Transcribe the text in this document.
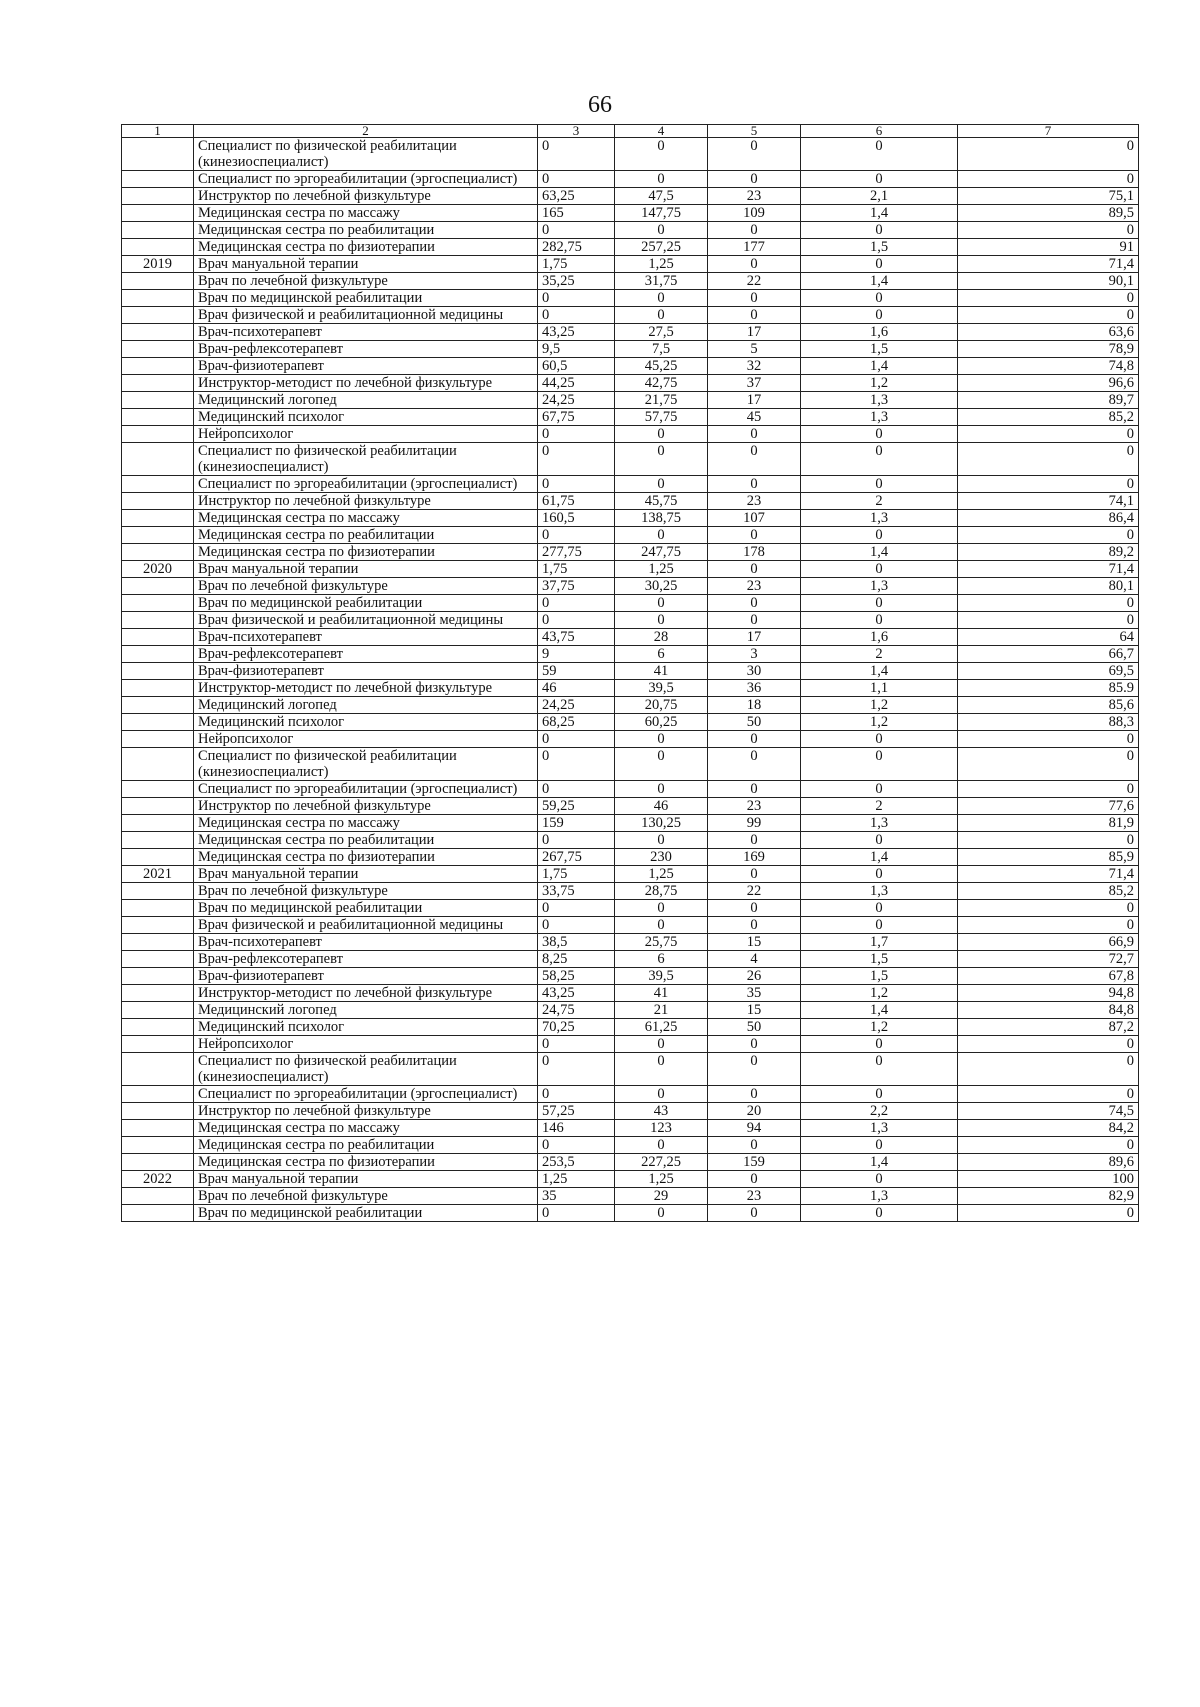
66
1	2	3	4	5	6	7
	Специалист по физической реабилитации (кинезиоспециалист)	0	0	0	0	0
	Специалист по эргореабилитации (эргоспециалист)	0	0	0	0	0
	Инструктор по лечебной физкультуре	63,25	47,5	23	2,1	75,1
	Медицинская сестра по массажу	165	147,75	109	1,4	89,5
	Медицинская сестра по реабилитации	0	0	0	0	0
	Медицинская сестра по физиотерапии	282,75	257,25	177	1,5	91
2019	Врач мануальной терапии	1,75	1,25	0	0	71,4
	Врач по лечебной физкультуре	35,25	31,75	22	1,4	90,1
	Врач по медицинской реабилитации	0	0	0	0	0
	Врач физической и реабилитационной медицины	0	0	0	0	0
	Врач-психотерапевт	43,25	27,5	17	1,6	63,6
	Врач-рефлексотерапевт	9,5	7,5	5	1,5	78,9
	Врач-физиотерапевт	60,5	45,25	32	1,4	74,8
	Инструктор-методист по лечебной физкультуре	44,25	42,75	37	1,2	96,6
	Медицинский логопед	24,25	21,75	17	1,3	89,7
	Медицинский психолог	67,75	57,75	45	1,3	85,2
	Нейропсихолог	0	0	0	0	0
	Специалист по физической реабилитации (кинезиоспециалист)	0	0	0	0	0
	Специалист по эргореабилитации (эргоспециалист)	0	0	0	0	0
	Инструктор по лечебной физкультуре	61,75	45,75	23	2	74,1
	Медицинская сестра по массажу	160,5	138,75	107	1,3	86,4
	Медицинская сестра по реабилитации	0	0	0	0	0
	Медицинская сестра по физиотерапии	277,75	247,75	178	1,4	89,2
2020	Врач мануальной терапии	1,75	1,25	0	0	71,4
	Врач по лечебной физкультуре	37,75	30,25	23	1,3	80,1
	Врач по медицинской реабилитации	0	0	0	0	0
	Врач физической и реабилитационной медицины	0	0	0	0	0
	Врач-психотерапевт	43,75	28	17	1,6	64
	Врач-рефлексотерапевт	9	6	3	2	66,7
	Врач-физиотерапевт	59	41	30	1,4	69,5
	Инструктор-методист по лечебной физкультуре	46	39,5	36	1,1	85.9
	Медицинский логопед	24,25	20,75	18	1,2	85,6
	Медицинский психолог	68,25	60,25	50	1,2	88,3
	Нейропсихолог	0	0	0	0	0
	Специалист по физической реабилитации (кинезиоспециалист)	0	0	0	0	0
	Специалист по эргореабилитации (эргоспециалист)	0	0	0	0	0
	Инструктор по лечебной физкультуре	59,25	46	23	2	77,6
	Медицинская сестра по массажу	159	130,25	99	1,3	81,9
	Медицинская сестра по реабилитации	0	0	0	0	0
	Медицинская сестра по физиотерапии	267,75	230	169	1,4	85,9
2021	Врач мануальной терапии	1,75	1,25	0	0	71,4
	Врач по лечебной физкультуре	33,75	28,75	22	1,3	85,2
	Врач по медицинской реабилитации	0	0	0	0	0
	Врач физической и реабилитационной медицины	0	0	0	0	0
	Врач-психотерапевт	38,5	25,75	15	1,7	66,9
	Врач-рефлексотерапевт	8,25	6	4	1,5	72,7
	Врач-физиотерапевт	58,25	39,5	26	1,5	67,8
	Инструктор-методист по лечебной физкультуре	43,25	41	35	1,2	94,8
	Медицинский логопед	24,75	21	15	1,4	84,8
	Медицинский психолог	70,25	61,25	50	1,2	87,2
	Нейропсихолог	0	0	0	0	0
	Специалист по физической реабилитации (кинезиоспециалист)	0	0	0	0	0
	Специалист по эргореабилитации (эргоспециалист)	0	0	0	0	0
	Инструктор по лечебной физкультуре	57,25	43	20	2,2	74,5
	Медицинская сестра по массажу	146	123	94	1,3	84,2
	Медицинская сестра по реабилитации	0	0	0	0	0
	Медицинская сестра по физиотерапии	253,5	227,25	159	1,4	89,6
2022	Врач мануальной терапии	1,25	1,25	0	0	100
	Врач по лечебной физкультуре	35	29	23	1,3	82,9
	Врач по медицинской реабилитации	0	0	0	0	0
